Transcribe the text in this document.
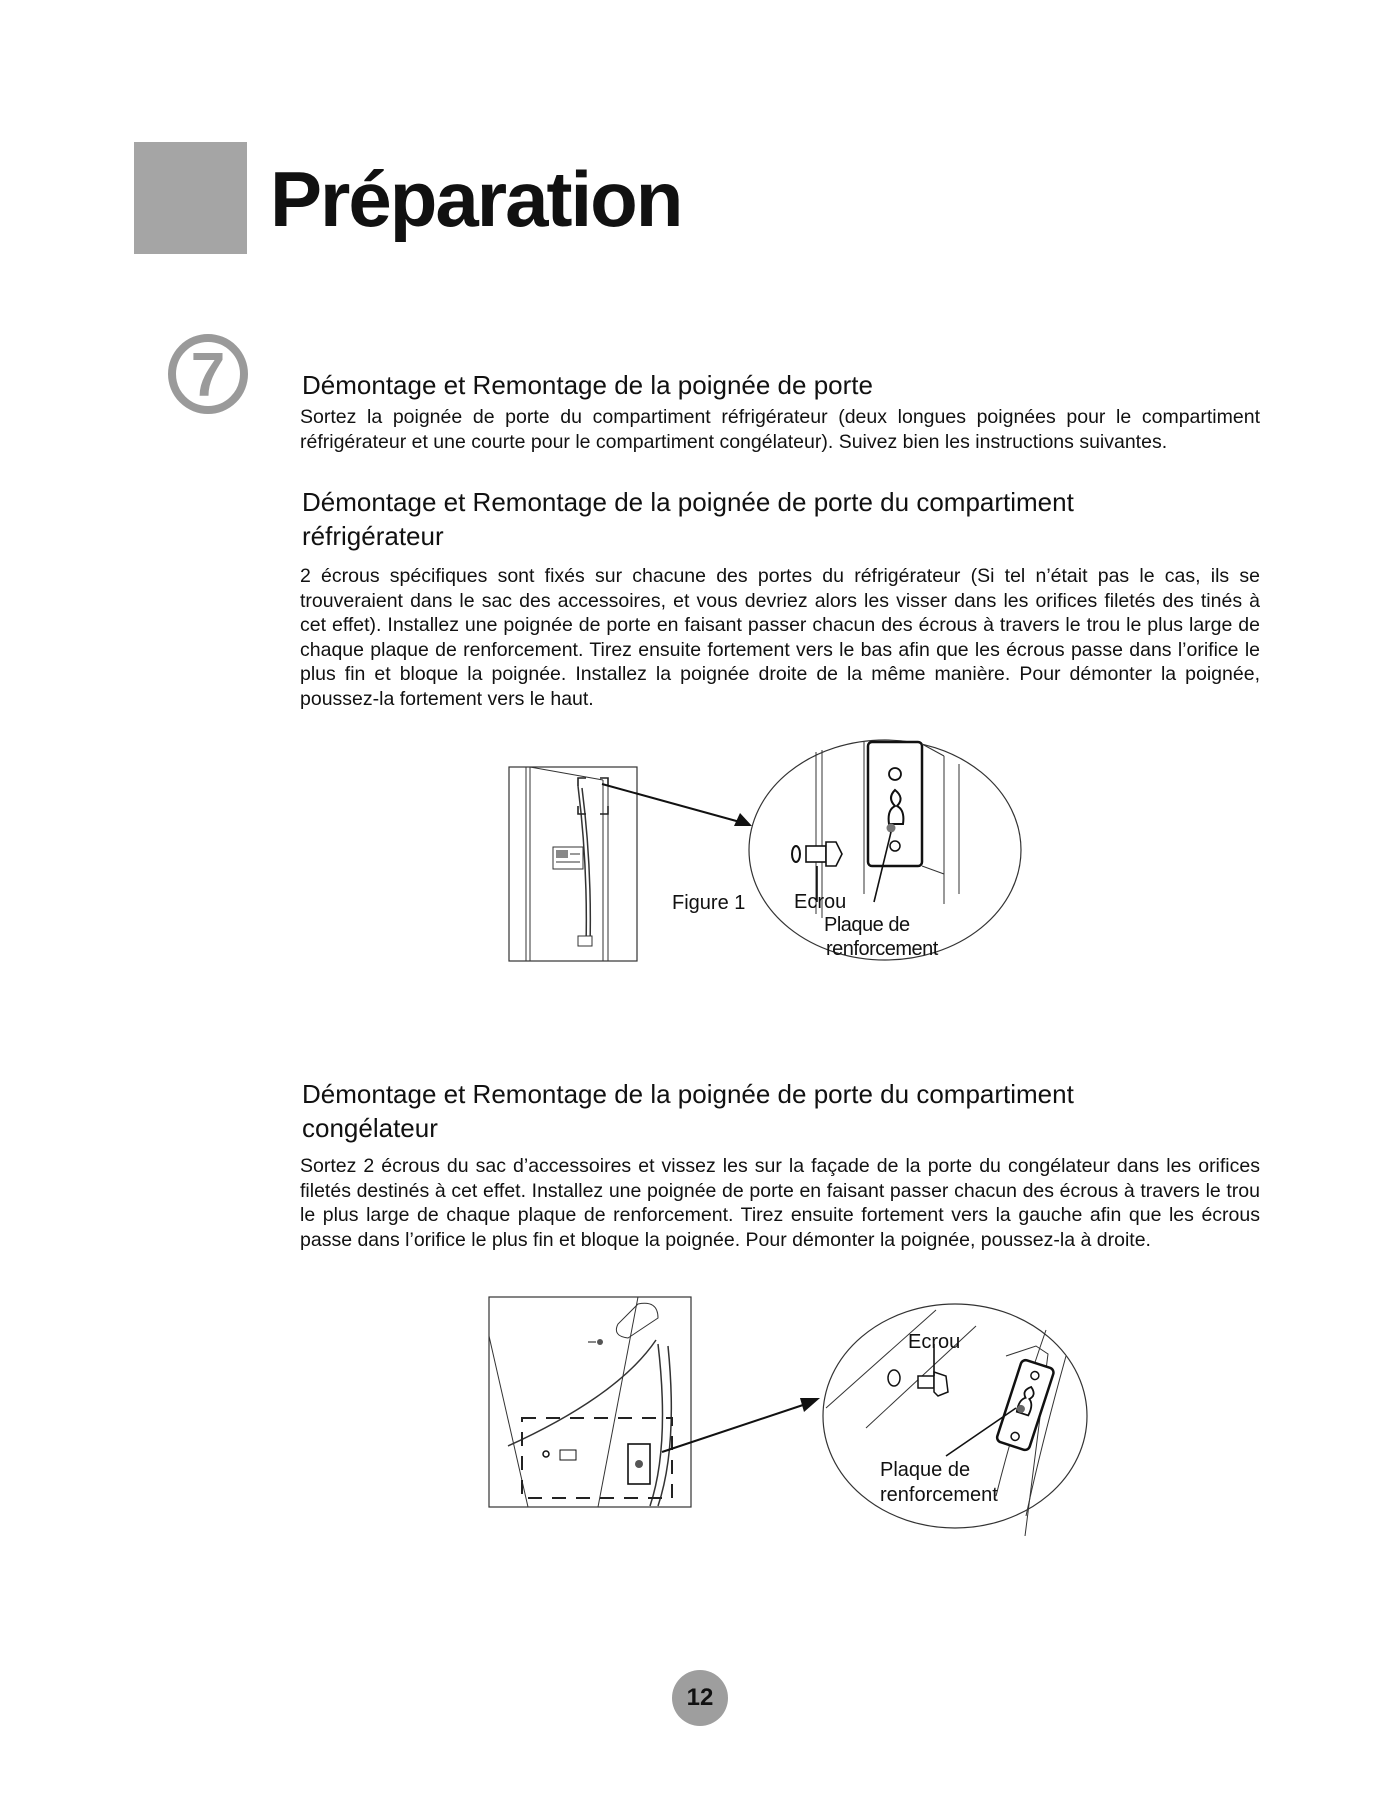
Préparation
7	Démontage et Remontage de la poignée de porte

Sortez la poignée de porte du compartiment réfrigérateur (deux longues poignées pour le compartiment réfrigérateur et une courte pour le compartiment congélateur). Suivez bien les instructions suivantes.

Démontage et Remontage de la poignée de porte du compartiment réfrigérateur

2 écrous spécifiques sont fixés sur chacune des portes du réfrigérateur (Si tel n’était pas le cas, ils se trouveraient dans le sac des accessoires, et vous devriez alors les visser dans les orifices filetés des tinés à cet effet). Installez une poignée de porte en faisant passer chacun des écrous à travers le trou le plus large de chaque plaque de renforcement. Tirez ensuite fortement vers le bas afin que les écrous passe dans l’orifice le plus fin et bloque la poignée. Installez la poignée droite de la même manière. Pour démonter la poignée, poussez-la fortement vers le haut.

Figure 1 Ecrou
Plaque de
renforcement
Démontage et Remontage de la poignée de porte du compartiment congélateur

Sortez 2 écrous du sac d’accessoires et vissez les sur la façade de la porte du congélateur dans les orifices filetés destinés à cet effet. Installez une poignée de porte en faisant passer chacun des écrous à travers le trou le plus large de chaque plaque de renforcement. Tirez ensuite fortement vers la gauche afin que les écrous passe dans l’orifice le plus fin et bloque la poignée. Pour démonter la poignée, poussez-la à droite.

Ecrou
Plaque de
renforcement
12
